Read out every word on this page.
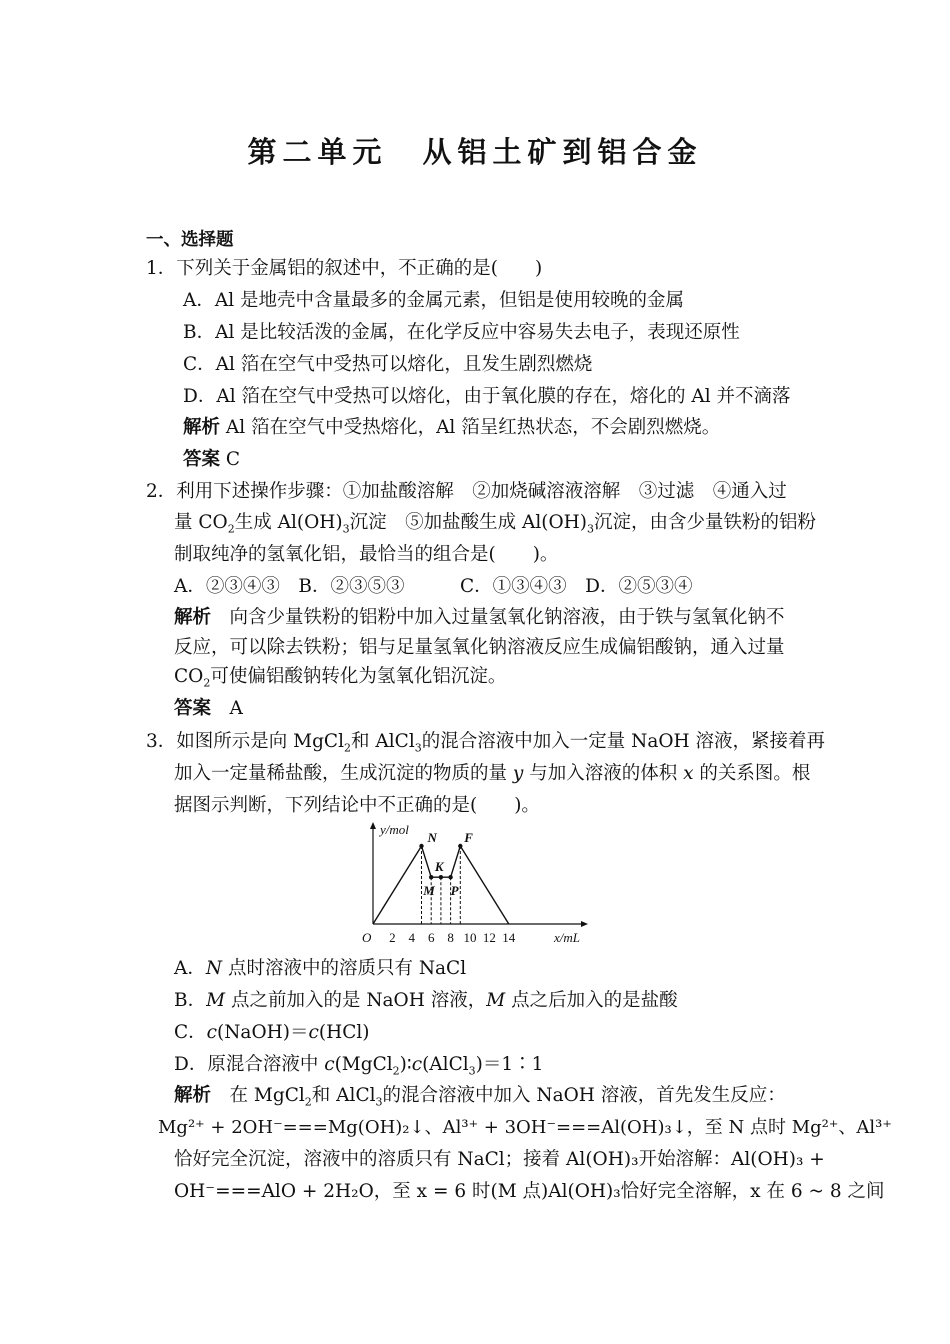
第二单元　从铝土矿到铝合金
一、选择题
1．下列关于金属铝的叙述中，不正确的是(　　)
A．Al 是地壳中含量最多的金属元素，但铝是使用较晚的金属
B．Al 是比较活泼的金属，在化学反应中容易失去电子，表现还原性
C．Al 箔在空气中受热可以熔化，且发生剧烈燃烧
D．Al 箔在空气中受热可以熔化，由于氧化膜的存在，熔化的 Al 并不滴落
解析 Al 箔在空气中受热熔化，Al 箔呈红热状态，不会剧烈燃烧。
答案 C
2．利用下述操作步骤：①加盐酸溶解　②加烧碱溶液溶解　③过滤　④通入过
量 $CO_2$生成 $Al(OH)_3$沉淀　⑤加盐酸生成 $Al(OH)_3$沉淀，由含少量铁粉的铝粉
制取纯净的氢氧化铝，最恰当的组合是(　　)。
A．②③④③　B．②③⑤③　　　C．①③④③　D．②⑤③④
解析　 向含少量铁粉的铝粉中加入过量氢氧化钠溶液，由于铁与氢氧化钠不
反应，可以除去铁粉；铝与足量氢氧化钠溶液反应生成偏铝酸钠，通入过量
$CO_2$可使偏铝酸钠转化为氢氧化铝沉淀。
答案　 A
3．如图所示是向 MgCl$_2$和 AlCl$_3$的混合溶液中加入一定量 NaOH 溶液，紧接着再
加入一定量稀盐酸，生成沉淀的物质的量 y 与加入溶液的体积 x 的关系图。根
据图示判断，下列结论中不正确的是(　　)。
y/mol
x/mL
O 2 4 6 8 10 12 14
N
M
K
P
F
A．N 点时溶液中的溶质只有 NaCl
B．M 点之前加入的是 NaOH 溶液，M 点之后加入的是盐酸
C．c(NaOH)＝c(HCl)
D．原混合溶液中 c(MgCl$_2$)∶c(AlCl$_3$)＝1∶1
解析　 在 MgCl$_2$和 AlCl$_3$的混合溶液中加入 NaOH 溶液，首先发生反应：
Mg²⁺ + 2OH⁻===Mg(OH)₂↓、Al³⁺ + 3OH⁻===Al(OH)₃↓，至 N 点时 Mg²⁺、Al³⁺
恰好完全沉淀，溶液中的溶质只有 NaCl；接着 Al(OH)₃开始溶解：Al(OH)₃ +
OH⁻===AlO + 2H₂O，至 x = 6 时(M 点)Al(OH)₃恰好完全溶解，x 在 6 ~ 8 之间
